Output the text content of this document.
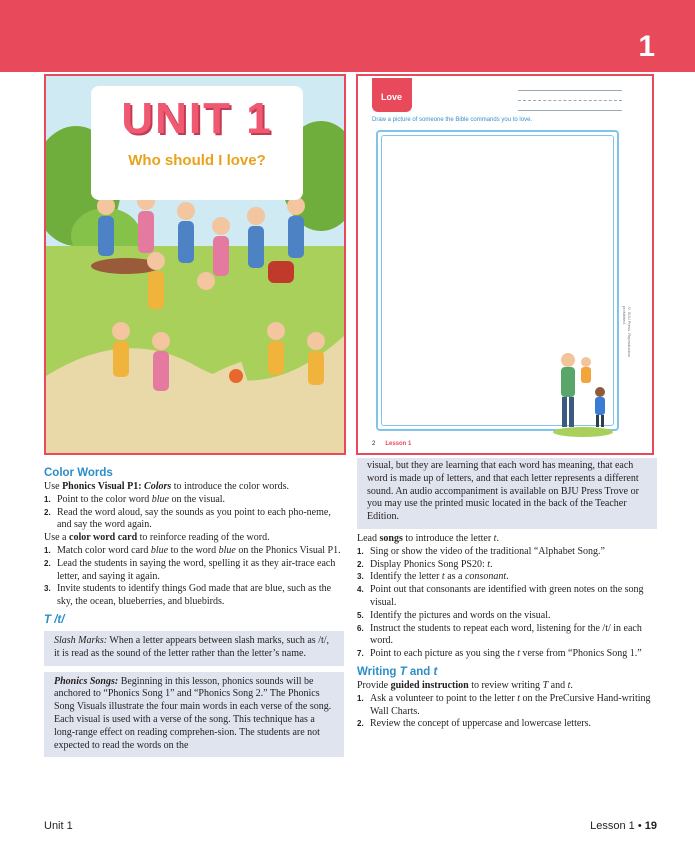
1
UNIT 1
Who should I love?
Love
Draw a picture of someone the Bible commands you to love.
© BJU Press. Reproduction prohibited.
2 Lesson 1
Color Words

Use Phonics Visual P1: Colors to introduce the color words.

1. Point to the color word blue on the visual.
2. Read the word aloud, say the sounds as you point to each pho-neme, and say the word again.

Use a color word card to reinforce reading of the word.

1. Match color word card blue to the word blue on the Phonics Visual P1.
2. Lead the students in saying the word, spelling it as they air-trace each letter, and saying it again.
3. Invite students to identify things God made that are blue, such as the sky, the ocean, blueberries, and bluebirds.
T /t/

Slash Marks: When a letter appears between slash marks, such as /t/, it is read as the sound of the letter rather than the letter’s name.

Phonics Songs: Beginning in this lesson, phonics sounds will be anchored to “Phonics Song 1” and “Phonics Song 2.” The Phonics Song Visuals illustrate the four main words in each verse of the song. Each visual is used with a verse of the song. This technique has a long-range effect on reading comprehen-sion. The students are not expected to read the words on the

visual, but they are learning that each word has meaning, that each word is made up of letters, and that each letter represents a different sound. An audio accompaniment is available on BJU Press Trove or you may use the printed music located in the back of the Teacher Edition.

Lead songs to introduce the letter t.

1. Sing or show the video of the traditional “Alphabet Song.”
2. Display Phonics Song PS20: t.
3. Identify the letter t as a consonant.
4. Point out that consonants are identified with green notes on the song visual.
5. Identify the pictures and words on the visual.
6. Instruct the students to repeat each word, listening for the /t/ in each word.
7. Point to each picture as you sing the t verse from “Phonics Song 1.”
Writing T and t

Provide guided instruction to review writing T and t.

1. Ask a volunteer to point to the letter t on the PreCursive Hand-writing Wall Charts.
2. Review the concept of uppercase and lowercase letters.
Unit 1	Lesson 1 • 19
